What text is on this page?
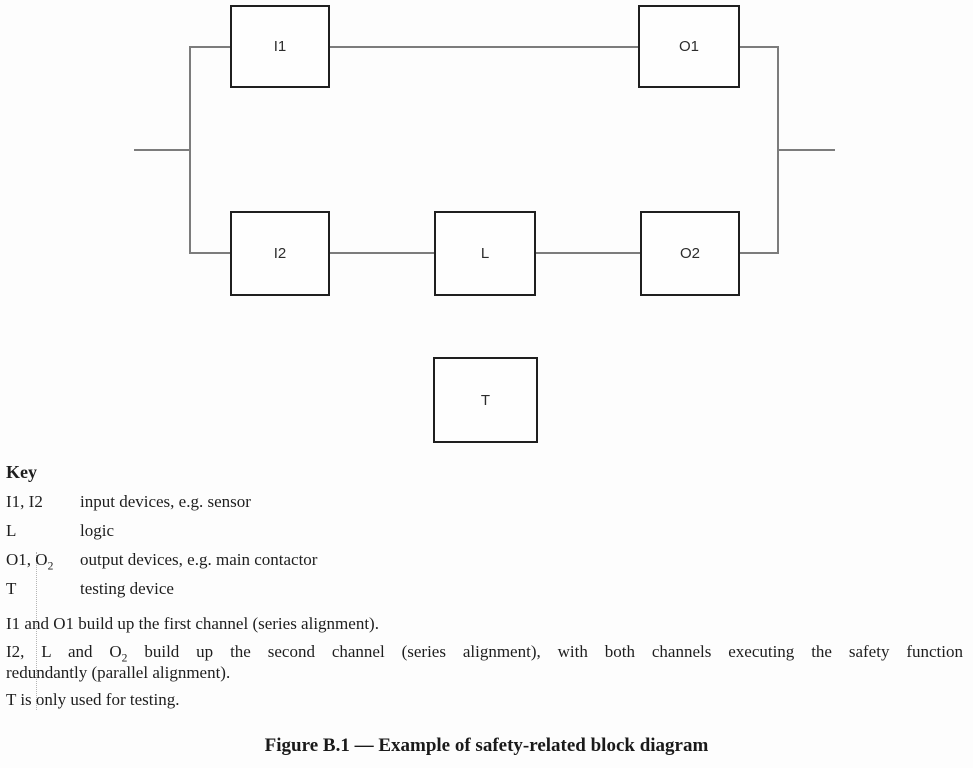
I1	O1
I2	L	O2
T
Key
I1, I2	input devices, e.g. sensor
L	logic
O1, $O_2$	output devices, e.g. main contactor
T	testing device
I1 and O1 build up the first channel (series alignment).
I2, L and $O_2$ build up the second channel (series alignment), with both channels executing the safety function
redundantly (parallel alignment).
T is only used for testing.
Figure B.1 — Example of safety-related block diagram
